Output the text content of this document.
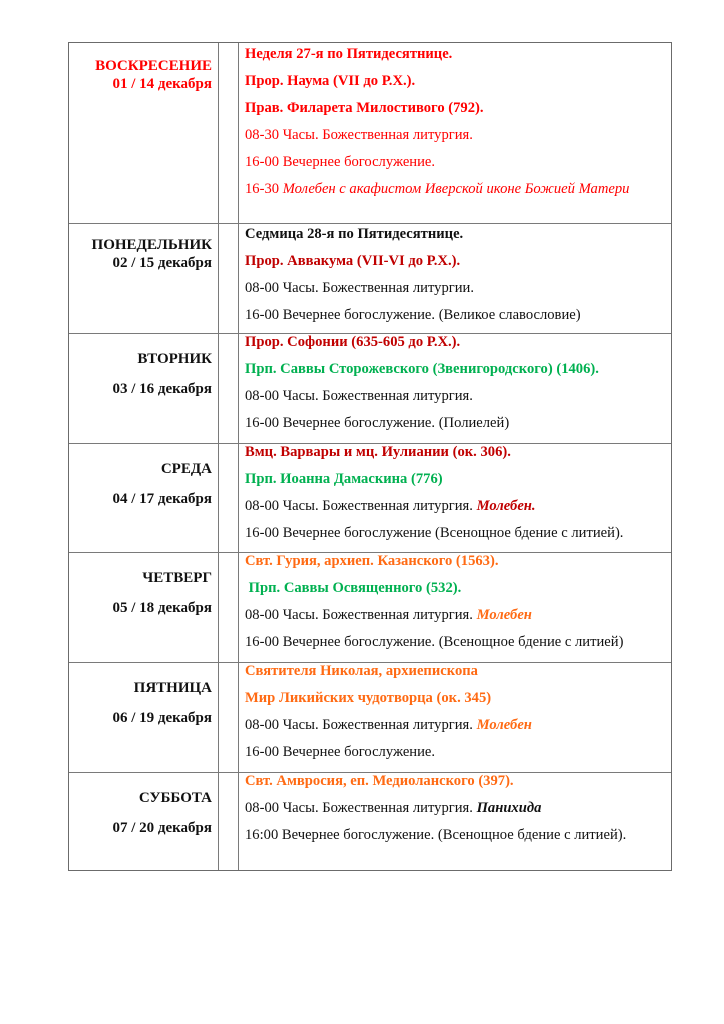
ВОСКРЕСЕНИЕ
01 / 14 декабря
Неделя 27-я по Пятидесятнице.
Прор. Наума (VII до Р.Х.).
Прав. Филарета Милостивого (792).
08-30 Часы. Божественная литургия.
16-00 Вечернее богослужение.
16-30 Молебен с акафистом Иверской иконе Божией Матери
ПОНЕДЕЛЬНИК
02 / 15 декабря
Седмица 28-я по Пятидесятнице.
Прор. Аввакума (VII-VI до Р.Х.).
08-00 Часы. Божественная литургии.
16-00 Вечернее богослужение. (Великое славословие)
ВТОРНИК
03 / 16 декабря
Прор. Софонии (635-605 до Р.Х.).
Прп. Саввы Сторожевского (Звенигородского) (1406).
08-00 Часы. Божественная литургия.
16-00 Вечернее богослужение. (Полиелей)
СРЕДА
04 / 17 декабря
Вмц. Варвары и мц. Иулиании (ок. 306).
Прп. Иоанна Дамаскина (776)
08-00 Часы. Божественная литургия. Молебен.
16-00 Вечернее богослужение (Всенощное бдение с литией).
ЧЕТВЕРГ
05 / 18 декабря
Свт. Гурия, архиеп. Казанского (1563).
Прп. Саввы Освященного (532).
08-00 Часы. Божественная литургия. Молебен
16-00 Вечернее богослужение. (Всенощное бдение с литией)
ПЯТНИЦА
06 / 19 декабря
Святителя Николая, архиепископа
Мир Ликийских чудотворца (ок. 345)
08-00 Часы. Божественная литургия. Молебен
16-00 Вечернее богослужение.
СУББОТА
07 / 20 декабря
Свт. Амвросия, еп. Медиоланского (397).
08-00 Часы. Божественная литургия. Панихида
16:00 Вечернее богослужение. (Всенощное бдение с литией).
